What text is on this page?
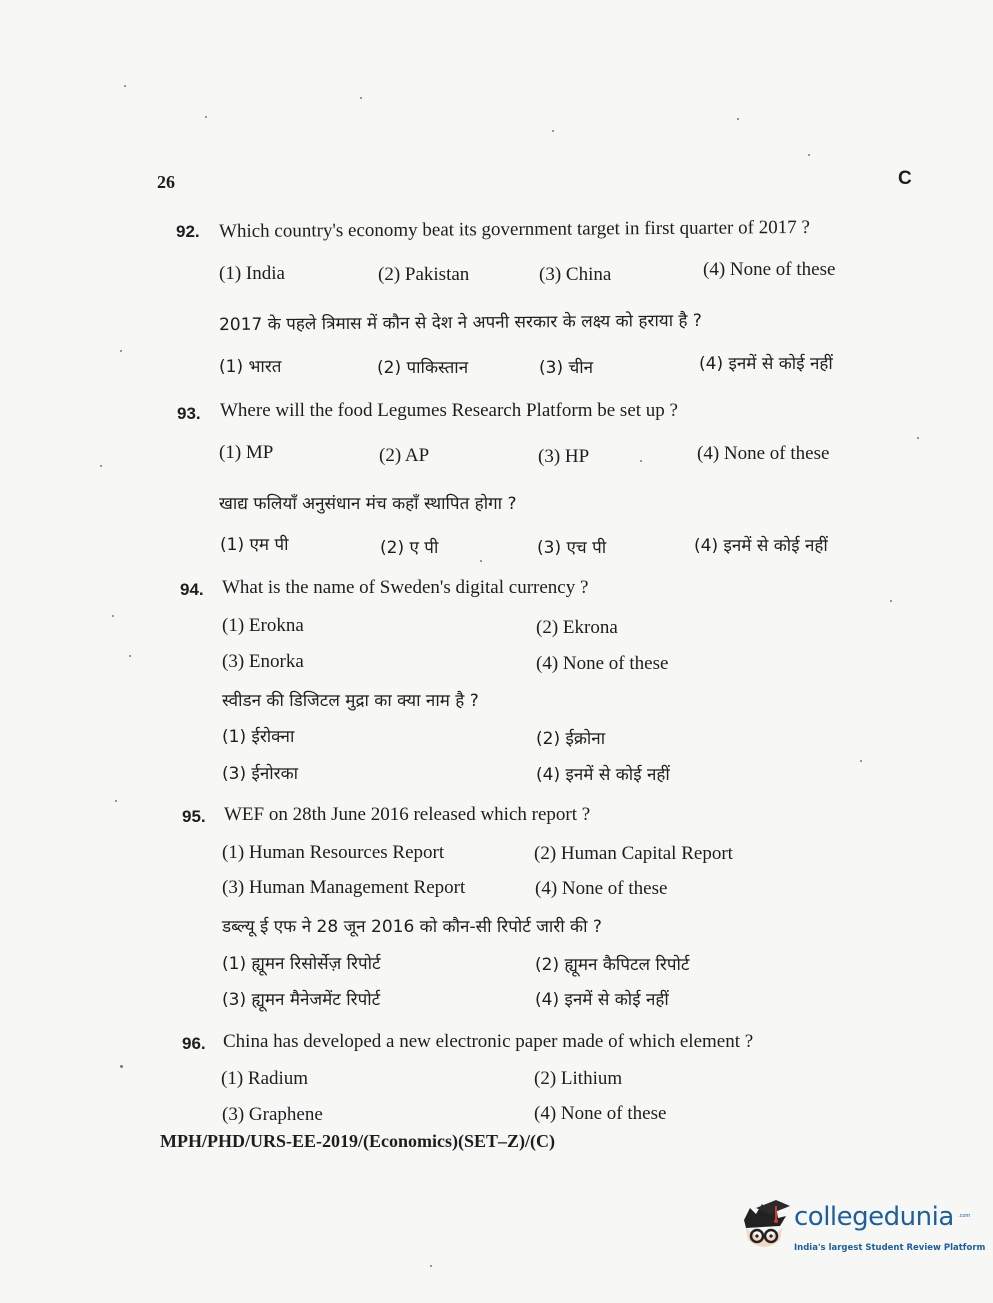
26	C
92. Which country's economy beat its government target in first quarter of 2017 ?
(1) India	(2) Pakistan	(3) China	(4) None of these
2017 के पहले त्रिमास में कौन से देश ने अपनी सरकार के लक्ष्य को हराया है ?
(1) भारत	(2) पाकिस्तान	(3) चीन	(4) इनमें से कोई नहीं
93. Where will the food Legumes Research Platform be set up ?
(1) MP	(2) AP	(3) HP	(4) None of these
खाद्य फलियाँ अनुसंधान मंच कहाँ स्थापित होगा ?
(1) एम पी	(2) ए पी	(3) एच पी	(4) इनमें से कोई नहीं
94. What is the name of Sweden's digital currency ?
(1) Erokna	(2) Ekrona
(3) Enorka	(4) None of these
स्वीडन की डिजिटल मुद्रा का क्या नाम है ?
(1) ईरोक्ना	(2) ईक्रोना
(3) ईनोरका	(4) इनमें से कोई नहीं
95. WEF on 28th June 2016 released which report ?
(1) Human Resources Report	(2) Human Capital Report
(3) Human Management Report	(4) None of these
डब्ल्यू ई एफ ने 28 जून 2016 को कौन-सी रिपोर्ट जारी की ?
(1) ह्यूमन रिसोर्सेज़ रिपोर्ट	(2) ह्यूमन कैपिटल रिपोर्ट
(3) ह्यूमन मैनेजमेंट रिपोर्ट	(4) इनमें से कोई नहीं
96. China has developed a new electronic paper made of which element ?
(1) Radium	(2) Lithium
(3) Graphene	(4) None of these
MPH/PHD/URS-EE-2019/(Economics)(SET–Z)/(C)
collegedunia .com
India's largest Student Review Platform
